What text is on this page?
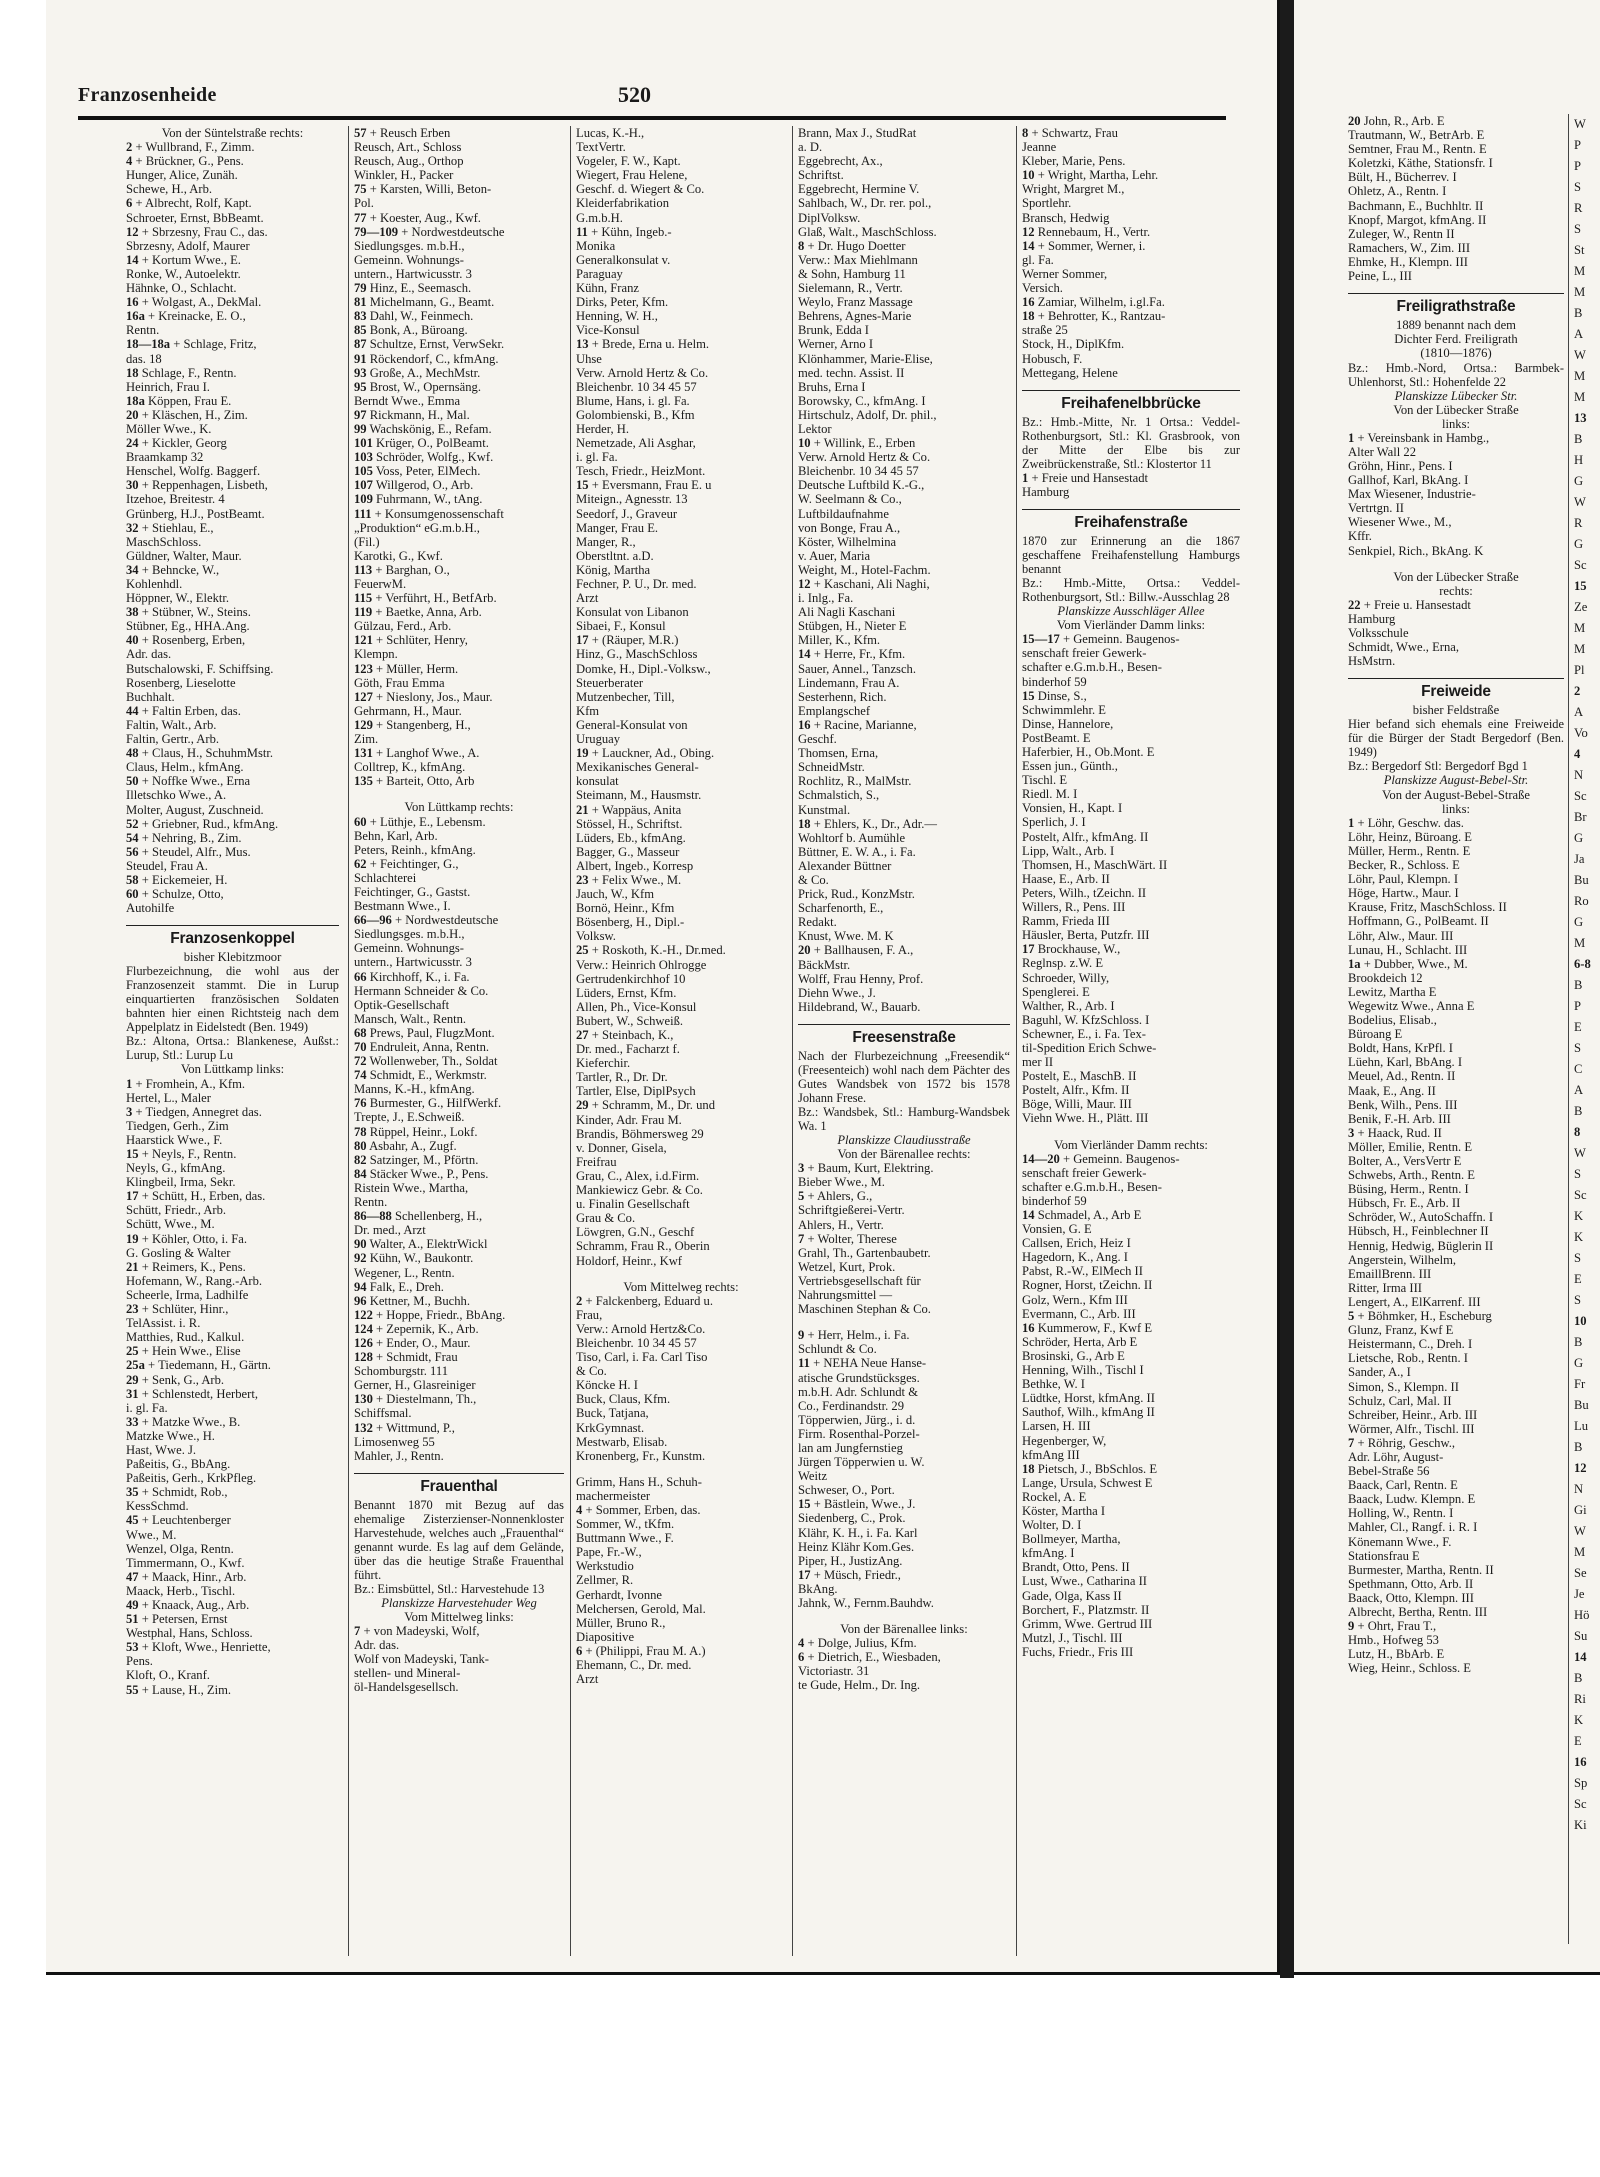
Franzosenheide	520
Von der Süntelstraße rechts:
2 + Wullbrand, F., Zimm.
4 + Brückner, G., Pens.
Hunger, Alice, Zunäh.
Schewe, H., Arb.
6 + Albrecht, Rolf, Kapt.
Schroeter, Ernst, BbBeamt.
12 + Sbrzesny, Frau C., das.
Sbrzesny, Adolf, Maurer
14 + Kortum Wwe., E.
Ronke, W., Autoelektr.
Hähnke, O., Schlacht.
16 + Wolgast, A., DekMal.
16a + Kreinacke, E. O.,
Rentn.
18—18a + Schlage, Fritz,
das. 18
18 Schlage, F., Rentn.
Heinrich, Frau I.
18a Köppen, Frau E.
20 + Kläschen, H., Zim.
Möller Wwe., K.
24 + Kickler, Georg
Braamkamp 32
Henschel, Wolfg. Baggerf.
30 + Reppenhagen, Lisbeth,
Itzehoe, Breitestr. 4
Grünberg, H.J., PostBeamt.
32 + Stiehlau, E.,
MaschSchloss.
Güldner, Walter, Maur.
34 + Behncke, W.,
Kohlenhdl.
Höppner, W., Elektr.
38 + Stübner, W., Steins.
Stübner, Eg., HHA.Ang.
40 + Rosenberg, Erben,
Adr. das.
Butschalowski, F. Schiffsing.
Rosenberg, Lieselotte
Buchhalt.
44 + Faltin Erben, das.
Faltin, Walt., Arb.
Faltin, Gertr., Arb.
48 + Claus, H., SchuhmMstr.
Claus, Helm., kfmAng.
50 + Noffke Wwe., Erna
Illetschko Wwe., A.
Molter, August, Zuschneid.
52 + Griebner, Rud., kfmAng.
54 + Nehring, B., Zim.
56 + Steudel, Alfr., Mus.
Steudel, Frau A.
58 + Eickemeier, H.
60 + Schulze, Otto,
Autohilfe
Franzosenkoppel
bisher Klebitzmoor
Flurbezeichnung, die wohl aus der Franzosenzeit stammt. Die in Lurup einquartierten französischen Soldaten bahnten hier einen Richtsteig nach dem Appelplatz in Eidelstedt (Ben. 1949)
Bz.: Altona, Ortsa.: Blankenese, Außst.: Lurup, Stl.: Lurup Lu
Von Lüttkamp links:
1 + Fromhein, A., Kfm.
Hertel, L., Maler
3 + Tiedgen, Annegret das.
Tiedgen, Gerh., Zim
Haarstick Wwe., F.
15 + Neyls, F., Rentn.
Neyls, G., kfmAng.
Klingbeil, Irma, Sekr.
17 + Schütt, H., Erben, das.
Schütt, Friedr., Arb.
Schütt, Wwe., M.
19 + Köhler, Otto, i. Fa.
G. Gosling & Walter
21 + Reimers, K., Pens.
Hofemann, W., Rang.-Arb.
Scheerle, Irma, Ladhilfe
23 + Schlüter, Hinr.,
TelAssist. i. R.
Matthies, Rud., Kalkul.
25 + Hein Wwe., Elise
25a + Tiedemann, H., Gärtn.
29 + Senk, G., Arb.
31 + Schlenstedt, Herbert,
i. gl. Fa.
33 + Matzke Wwe., B.
Matzke Wwe., H.
Hast, Wwe. J.
Paßeitis, G., BbAng.
Paßeitis, Gerh., KrkPfleg.
35 + Schmidt, Rob.,
KessSchmd.
45 + Leuchtenberger
Wwe., M.
Wenzel, Olga, Rentn.
Timmermann, O., Kwf.
47 + Maack, Hinr., Arb.
Maack, Herb., Tischl.
49 + Knaack, Aug., Arb.
51 + Petersen, Ernst
Westphal, Hans, Schloss.
53 + Kloft, Wwe., Henriette,
Pens.
Kloft, O., Kranf.
55 + Lause, H., Zim.
57 + Reusch Erben
Reusch, Art., Schloss
Reusch, Aug., Orthop
Winkler, H., Packer
75 + Karsten, Willi, Beton-
Pol.
77 + Koester, Aug., Kwf.
79—109 + Nordwestdeutsche
Siedlungsges. m.b.H.,
Gemeinn. Wohnungs-
untern., Hartwicusstr. 3
79 Hinz, E., Seemasch.
81 Michelmann, G., Beamt.
83 Dahl, W., Feinmech.
85 Bonk, A., Büroang.
87 Schultze, Ernst, VerwSekr.
91 Röckendorf, C., kfmAng.
93 Große, A., MechMstr.
95 Brost, W., Opernsäng.
Berndt Wwe., Emma
97 Rickmann, H., Mal.
99 Wachskönig, E., Refam.
101 Krüger, O., PolBeamt.
103 Schröder, Wolfg., Kwf.
105 Voss, Peter, ElMech.
107 Willgerod, O., Arb.
109 Fuhrmann, W., tAng.
111 + Konsumgenossenschaft
„Produktion“ eG.m.b.H.,
(Fil.)
Karotki, G., Kwf.
113 + Barghan, O.,
FeuerwM.
115 + Verführt, H., BetfArb.
119 + Baetke, Anna, Arb.
Gülzau, Ferd., Arb.
121 + Schlüter, Henry,
Klempn.
123 + Müller, Herm.
Göth, Frau Emma
127 + Nieslony, Jos., Maur.
Gehrmann, H., Maur.
129 + Stangenberg, H.,
Zim.
131 + Langhof Wwe., A.
Colltrep, K., kfmAng.
135 + Barteit, Otto, Arb
Von Lüttkamp rechts:
60 + Lüthje, E., Lebensm.
Behn, Karl, Arb.
Peters, Reinh., kfmAng.
62 + Feichtinger, G.,
Schlachterei
Feichtinger, G., Gastst.
Bestmann Wwe., I.
66—96 + Nordwestdeutsche
Siedlungsges. m.b.H.,
Gemeinn. Wohnungs-
untern., Hartwicusstr. 3
66 Kirchhoff, K., i. Fa.
Hermann Schneider & Co.
Optik-Gesellschaft
Mansch, Walt., Rentn.
68 Prews, Paul, FlugzMont.
70 Endruleit, Anna, Rentn.
72 Wollenweber, Th., Soldat
74 Schmidt, E., Werkmstr.
Manns, K.-H., kfmAng.
76 Burmester, G., HilfWerkf.
Trepte, J., E.Schweiß.
78 Rüppel, Heinr., Lokf.
80 Asbahr, A., Zugf.
82 Satzinger, M., Pförtn.
84 Stäcker Wwe., P., Pens.
Ristein Wwe., Martha,
Rentn.
86—88 Schellenberg, H.,
Dr. med., Arzt
90 Walter, A., ElektrWickl
92 Kühn, W., Baukontr.
Wegener, L., Rentn.
94 Falk, E., Dreh.
96 Kettner, M., Buchh.
122 + Hoppe, Friedr., BbAng.
124 + Zepernik, K., Arb.
126 + Ender, O., Maur.
128 + Schmidt, Frau
Schomburgstr. 111
Gerner, H., Glasreiniger
130 + Diestelmann, Th.,
Schiffsmal.
132 + Wittmund, P.,
Limosenweg 55
Mahler, J., Rentn.
Frauenthal
Benannt 1870 mit Bezug auf das ehemalige Zisterzienser-Nonnenkloster Harvestehude, welches auch „Frauenthal“ genannt wurde. Es lag auf dem Gelände, über das die heutige Straße Frauenthal führt.
Bz.: Eimsbüttel, Stl.: Harvestehude 13
Planskizze Harvestehuder Weg
Vom Mittelweg links:
7 + von Madeyski, Wolf,
Adr. das.
Wolf von Madeyski, Tank-
stellen- und Mineral-
öl-Handelsgesellsch.
Lucas, K.-H.,
TextVertr.
Vogeler, F. W., Kapt.
Wiegert, Frau Helene,
Geschf. d. Wiegert & Co.
Kleiderfabrikation
G.m.b.H.
11 + Kühn, Ingeb.-
Monika
Generalkonsulat v.
Paraguay
Kühn, Franz
Dirks, Peter, Kfm.
Henning, W. H.,
Vice-Konsul
13 + Brede, Erna u. Helm.
Uhse
Verw. Arnold Hertz & Co.
Bleichenbr. 10 34 45 57
Blume, Hans, i. gl. Fa.
Golombienski, B., Kfm
Herder, H.
Nemetzade, Ali Asghar,
i. gl. Fa.
Tesch, Friedr., HeizMont.
15 + Eversmann, Frau E. u
Miteign., Agnesstr. 13
Seedorf, J., Graveur
Manger, Frau E.
Manger, R.,
Oberstltnt. a.D.
König, Martha
Fechner, P. U., Dr. med.
Arzt
Konsulat von Libanon
Sibaei, F., Konsul
17 + (Räuper, M.R.)
Hinz, G., MaschSchloss
Domke, H., Dipl.-Volksw.,
Steuerberater
Mutzenbecher, Till,
Kfm
General-Konsulat von
Uruguay
19 + Lauckner, Ad., Obing.
Mexikanisches General-
konsulat
Steimann, M., Hausmstr.
21 + Wappäus, Anita
Stössel, H., Schriftst.
Lüders, Eb., kfmAng.
Bagger, G., Masseur
Albert, Ingeb., Korresp
23 + Felix Wwe., M.
Jauch, W., Kfm
Bornö, Heinr., Kfm
Bösenberg, H., Dipl.-
Volksw.
25 + Roskoth, K.-H., Dr.med.
Verw.: Heinrich Ohlrogge
Gertrudenkirchhof 10
Lüders, Ernst, Kfm.
Allen, Ph., Vice-Konsul
Bubert, W., Schweiß.
27 + Steinbach, K.,
Dr. med., Facharzt f.
Kieferchir.
Tartler, R., Dr. Dr.
Tartler, Else, DiplPsych
29 + Schramm, M., Dr. und
Kinder, Adr. Frau M.
Brandis, Böhmersweg 29
v. Donner, Gisela,
Freifrau
Grau, C., Alex, i.d.Firm.
Mankiewicz Gebr. & Co.
u. Finalin Gesellschaft
Grau & Co.
Löwgren, G.N., Geschf
Schramm, Frau R., Oberin
Holdorf, Heinr., Kwf
Vom Mittelweg rechts:
2 + Falckenberg, Eduard u.
Frau,
Verw.: Arnold Hertz&Co.
Bleichenbr. 10 34 45 57
Tiso, Carl, i. Fa. Carl Tiso
& Co.
Köncke H. I
Buck, Claus, Kfm.
Buck, Tatjana,
KrkGymnast.
Mestwarb, Elisab.
Kronenberg, Fr., Kunstm.
Grimm, Hans H., Schuh-
machermeister
4 + Sommer, Erben, das.
Sommer, W., tKfm.
Buttmann Wwe., F.
Pape, Fr.-W.,
Werkstudio
Zellmer, R.
Gerhardt, Ivonne
Melchersen, Gerold, Mal.
Müller, Bruno R.,
Diapositive
6 + (Philippi, Frau M. A.)
Ehemann, C., Dr. med.
Arzt
Brann, Max J., StudRat
a. D.
Eggebrecht, Ax.,
Schriftst.
Eggebrecht, Hermine V.
Sahlbach, W., Dr. rer. pol.,
DiplVolksw.
Glaß, Walt., MaschSchloss.
8 + Dr. Hugo Doetter
Verw.: Max Miehlmann
& Sohn, Hamburg 11
Sielemann, R., Vertr.
Weylo, Franz Massage
Behrens, Agnes-Marie
Brunk, Edda I
Werner, Arno I
Klönhammer, Marie-Elise,
med. techn. Assist. II
Bruhs, Erna I
Borowsky, C., kfmAng. I
Hirtschulz, Adolf, Dr. phil.,
Lektor
10 + Willink, E., Erben
Verw. Arnold Hertz & Co.
Bleichenbr. 10 34 45 57
Deutsche Luftbild K.-G.,
W. Seelmann & Co.,
Luftbildaufnahme
von Bonge, Frau A.,
Köster, Wilhelmina
v. Auer, Maria
Weight, M., Hotel-Fachm.
12 + Kaschani, Ali Naghi,
i. Inlg., Fa.
Ali Nagli Kaschani
Stübgen, H., Nieter E
Miller, K., Kfm.
14 + Herre, Fr., Kfm.
Sauer, Annel., Tanzsch.
Lindemann, Frau A.
Sesterhenn, Rich.
Emplangschef
16 + Racine, Marianne,
Geschf.
Thomsen, Erna,
SchneidMstr.
Rochlitz, R., MalMstr.
Schmalstich, S.,
Kunstmal.
18 + Ehlers, K., Dr., Adr.—
Wohltorf b. Aumühle
Büttner, E. W. A., i. Fa.
Alexander Büttner
& Co.
Prick, Rud., KonzMstr.
Scharfenorth, E.,
Redakt.
Knust, Wwe. M. K
20 + Ballhausen, F. A.,
BäckMstr.
Wolff, Frau Henny, Prof.
Diehn Wwe., J.
Hildebrand, W., Bauarb.
Freesenstraße
Nach der Flurbezeichnung „Freesendik“ (Freesenteich) wohl nach dem Pächter des Gutes Wandsbek von 1572 bis 1578 Johann Frese.
Bz.: Wandsbek, Stl.: Hamburg-Wandsbek Wa. 1
Planskizze Claudiusstraße
Von der Bärenallee rechts:
3 + Baum, Kurt, Elektring.
Bieber Wwe., M.
5 + Ahlers, G.,
Schriftgießerei-Vertr.
Ahlers, H., Vertr.
7 + Wolter, Therese
Grahl, Th., Gartenbaubetr.
Wetzel, Kurt, Prok.
Vertriebsgesellschaft für
Nahrungsmittel —
Maschinen Stephan & Co.
9 + Herr, Helm., i. Fa.
Schlundt & Co.
11 + NEHA Neue Hanse-
atische Grundstücksges.
m.b.H. Adr. Schlundt &
Co., Ferdinandstr. 29
Töpperwien, Jürg., i. d.
Firm. Rosenthal-Porzel-
lan am Jungfernstieg
Jürgen Töpperwien u. W.
Weitz
Schweser, O., Port.
15 + Bästlein, Wwe., J.
Siedenberg, C., Prok.
Klähr, K. H., i. Fa. Karl
Heinz Klähr Kom.Ges.
Piper, H., JustizAng.
17 + Müsch, Friedr.,
BkAng.
Jahnk, W., Fernm.Bauhdw.
Von der Bärenallee links:
4 + Dolge, Julius, Kfm.
6 + Dietrich, E., Wiesbaden,
Victoriastr. 31
te Gude, Helm., Dr. Ing.
8 + Schwartz, Frau
Jeanne
Kleber, Marie, Pens.
10 + Wright, Martha, Lehr.
Wright, Margret M.,
Sportlehr.
Bransch, Hedwig
12 Rennebaum, H., Vertr.
14 + Sommer, Werner, i.
gl. Fa.
Werner Sommer,
Versich.
16 Zamiar, Wilhelm, i.gl.Fa.
18 + Behrotter, K., Rantzau-
straße 25
Stock, H., DiplKfm.
Hobusch, F.
Mettegang, Helene
Freihafenelbbrücke
Bz.: Hmb.-Mitte, Nr. 1 Ortsa.: Veddel-Rothenburgsort, Stl.: Kl. Grasbrook, von der Mitte der Elbe bis zur Zweibrückenstraße, Stl.: Klostertor 11
1 + Freie und Hansestadt
Hamburg
Freihafenstraße
1870 zur Erinnerung an die 1867 geschaffene Freihafenstellung Hamburgs benannt
Bz.: Hmb.-Mitte, Ortsa.: Veddel-Rothenburgsort, Stl.: Billw.-Ausschlag 28
Planskizze Ausschläger Allee
Vom Vierländer Damm links:
15—17 + Gemeinn. Baugenos-
senschaft freier Gewerk-
schafter e.G.m.b.H., Besen-
binderhof 59
15 Dinse, S.,
Schwimmlehr. E
Dinse, Hannelore,
PostBeamt. E
Haferbier, H., Ob.Mont. E
Essen jun., Günth.,
Tischl. E
Riedl. M. I
Vonsien, H., Kapt. I
Sperlich, J. I
Postelt, Alfr., kfmAng. II
Lipp, Walt., Arb. I
Thomsen, H., MaschWärt. II
Haase, E., Arb. II
Peters, Wilh., tZeichn. II
Willers, R., Pens. III
Ramm, Frieda III
Häusler, Berta, Putzfr. III
17 Brockhause, W.,
Reglnsp. z.W. E
Schroeder, Willy,
Spenglerei. E
Walther, R., Arb. I
Baguhl, W. KfzSchloss. I
Schewner, E., i. Fa. Tex-
til-Spedition Erich Schwe-
mer II
Postelt, E., MaschB. II
Postelt, Alfr., Kfm. II
Böge, Willi, Maur. III
Viehn Wwe. H., Plätt. III
Vom Vierländer Damm rechts:
14—20 + Gemeinn. Baugenos-
senschaft freier Gewerk-
schafter e.G.m.b.H., Besen-
binderhof 59
14 Schmadel, A., Arb E
Vonsien, G. E
Callsen, Erich, Heiz I
Hagedorn, K., Ang. I
Pabst, R.-W., ElMech II
Rogner, Horst, tZeichn. II
Golz, Wern., Kfm III
Evermann, C., Arb. III
16 Kummerow, F., Kwf E
Schröder, Herta, Arb E
Brosinski, G., Arb E
Henning, Wilh., Tischl I
Bethke, W. I
Lüdtke, Horst, kfmAng. II
Sauthof, Wilh., kfmAng II
Larsen, H. III
Hegenberger, W,
kfmAng III
18 Pietsch, J., BbSchlos. E
Lange, Ursula, Schwest E
Rockel, A. E
Köster, Martha I
Wolter, D. I
Bollmeyer, Martha,
kfmAng. I
Brandt, Otto, Pens. II
Lust, Wwe., Catharina II
Gade, Olga, Kass II
Borchert, F., Platzmstr. II
Grimm, Wwe. Gertrud III
Mutzl, J., Tischl. III
Fuchs, Friedr., Fris III
20 John, R., Arb. E
Trautmann, W., BetrArb. E
Semtner, Frau M., Rentn. E
Koletzki, Käthe, Stationsfr. I
Bült, H., Bücherrev. I
Ohletz, A., Rentn. I
Bachmann, E., Buchhltr. II
Knopf, Margot, kfmAng. II
Zuleger, W., Rentn II
Ramachers, W., Zim. III
Ehmke, H., Klempn. III
Peine, L., III
Freiligrathstraße
1889 benannt nach dem
Dichter Ferd. Freiligrath
(1810—1876)
Bz.: Hmb.-Nord, Ortsa.: Barmbek-Uhlenhorst, Stl.: Hohenfelde 22
Planskizze Lübecker Str.
Von der Lübecker Straße
links:
1 + Vereinsbank in Hambg.,
Alter Wall 22
Gröhn, Hinr., Pens. I
Gallhof, Karl, BkAng. I
Max Wiesener, Industrie-
Vertrtgn. II
Wiesener Wwe., M.,
Kffr.
Senkpiel, Rich., BkAng. K
Von der Lübecker Straße
rechts:
22 + Freie u. Hansestadt
Hamburg
Volksschule
Schmidt, Wwe., Erna,
HsMstrn.
Freiweide
bisher Feldstraße
Hier befand sich ehemals eine Freiweide für die Bürger der Stadt Bergedorf (Ben. 1949)
Bz.: Bergedorf Stl: Bergedorf Bgd 1
Planskizze August-Bebel-Str.
Von der August-Bebel-Straße
links:
1 + Löhr, Geschw. das.
Löhr, Heinz, Büroang. E
Müller, Herm., Rentn. E
Becker, R., Schloss. E
Löhr, Paul, Klempn. I
Höge, Hartw., Maur. I
Krause, Fritz, MaschSchloss. II
Hoffmann, G., PolBeamt. II
Löhr, Alw., Maur. III
Lunau, H., Schlacht. III
1a + Dubber, Wwe., M.
Brookdeich 12
Lewitz, Martha E
Wegewitz Wwe., Anna E
Bodelius, Elisab.,
Büroang E
Boldt, Hans, KrPfl. I
Lüehn, Karl, BbAng. I
Meuel, Ad., Rentn. II
Maak, E., Ang. II
Benk, Wilh., Pens. III
Benik, F.-H. Arb. III
3 + Haack, Rud. II
Möller, Emilie, Rentn. E
Bolter, A., VersVertr E
Schwebs, Arth., Rentn. E
Büsing, Herm., Rentn. I
Hübsch, Fr. E., Arb. II
Schröder, W., AutoSchaffn. I
Hübsch, H., Feinblechner II
Hennig, Hedwig, Büglerin II
Angerstein, Wilhelm,
EmaillBrenn. III
Ritter, Irma III
Lengert, A., ElKarrenf. III
5 + Böhmker, H., Escheburg
Glunz, Franz, Kwf E
Heistermann, C., Dreh. I
Lietsche, Rob., Rentn. I
Sander, A., I
Simon, S., Klempn. II
Schulz, Carl, Mal. II
Schreiber, Heinr., Arb. III
Wörmer, Alfr., Tischl. III
7 + Röhrig, Geschw.,
Adr. Löhr, August-
Bebel-Straße 56
Baack, Carl, Rentn. E
Baack, Ludw. Klempn. E
Holling, W., Rentn. I
Mahler, Cl., Rangf. i. R. I
Könemann Wwe., F.
Stationsfrau E
Burmester, Martha, Rentn. II
Spethmann, Otto, Arb. II
Baack, Otto, Klempn. III
Albrecht, Bertha, Rentn. III
9 + Ohrt, Frau T.,
Hmb., Hofweg 53
Lutz, H., BbArb. E
Wieg, Heinr., Schloss. E
W
P
P
S
R
S
St
M
M
B
A
W
M
M
13
B
H
G
W
R
G
Sc
15
Ze
M
M
Pl
2
A
Vo
4
N
Sc
Br
G
Ja
Bu
Ro
G
M
6-8
B
P
E
S
C
A
B
8
W
S
Sc
K
K
S
E
S
10
B
G
Fr
Bu
Lu
B
12
N
Gi
W
M
Se
Je
Hö
Su
14
B
Ri
K
E
16
Sp
Sc
Ki
